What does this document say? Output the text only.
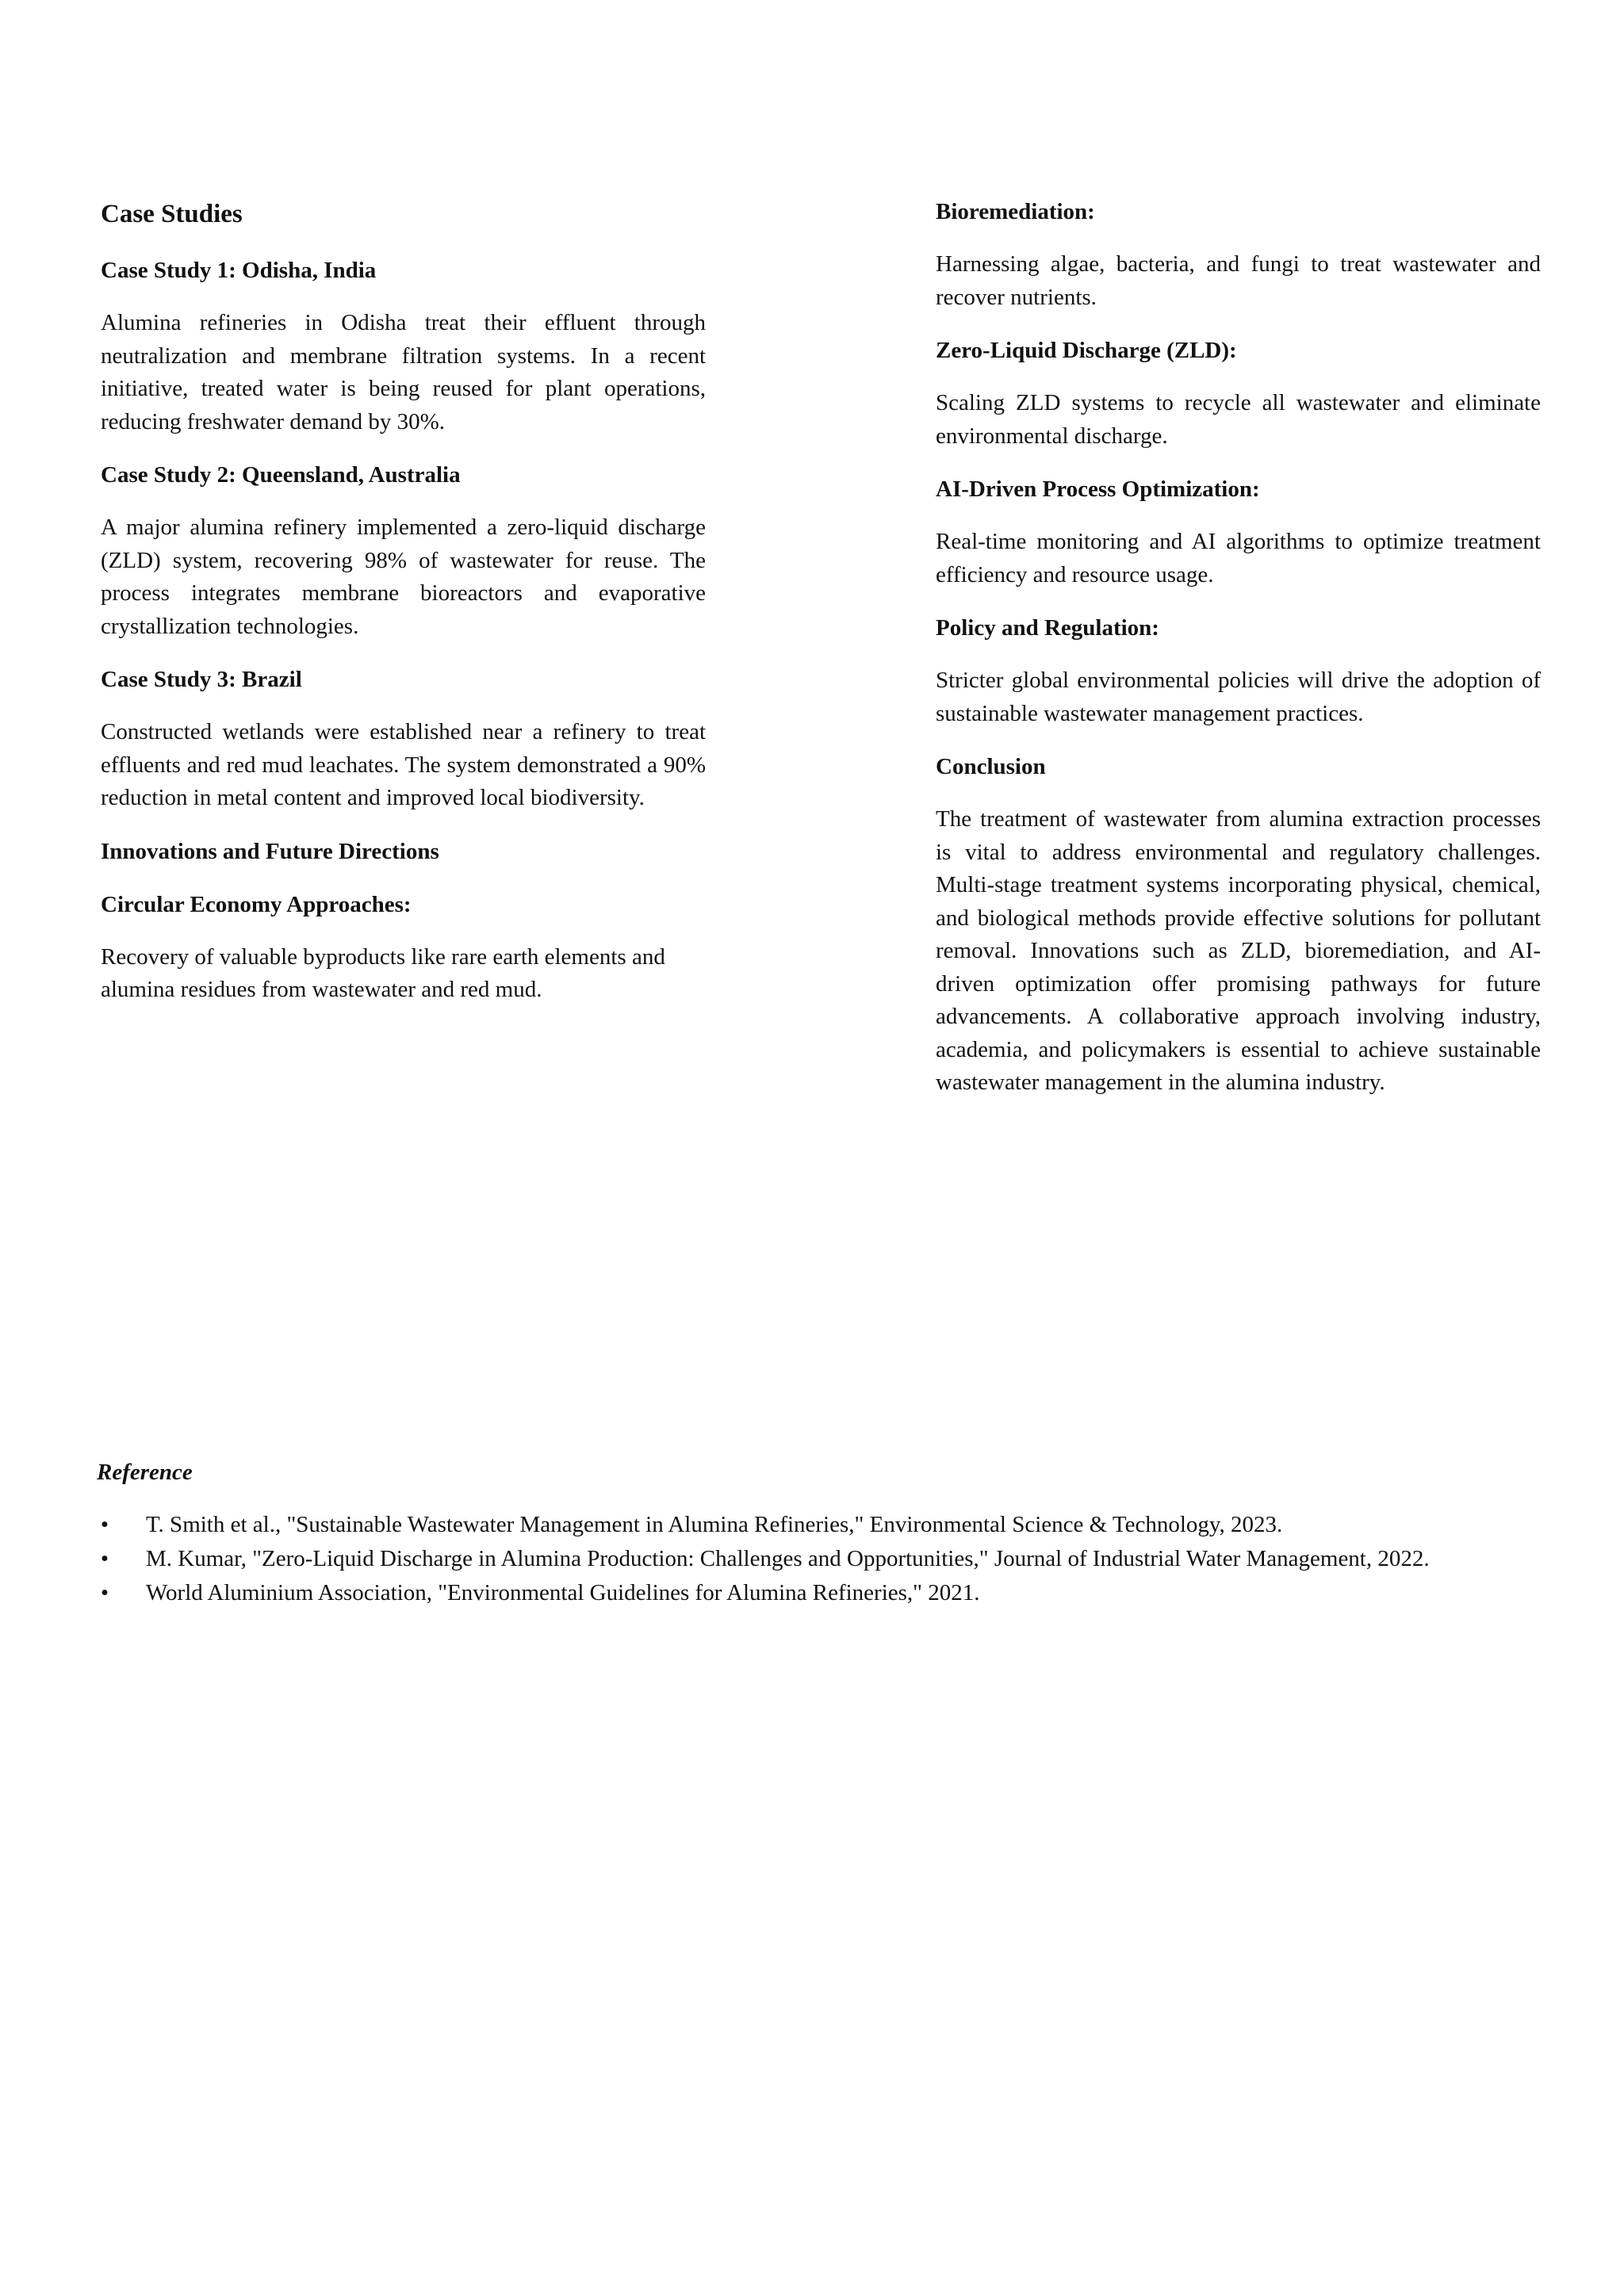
Case Studies
Case Study 1: Odisha, India
Alumina refineries in Odisha treat their effluent through neutralization and membrane filtration systems. In a recent initiative, treated water is being reused for plant operations, reducing freshwater demand by 30%.
Case Study 2: Queensland, Australia
A major alumina refinery implemented a zero-liquid discharge (ZLD) system, recovering 98% of wastewater for reuse. The process integrates membrane bioreactors and evaporative crystallization technologies.
Case Study 3: Brazil
Constructed wetlands were established near a refinery to treat effluents and red mud leachates. The system demonstrated a 90% reduction in metal content and improved local biodiversity.
Innovations and Future Directions
Circular Economy Approaches:
Recovery of valuable byproducts like rare earth elements and alumina residues from wastewater and red mud.
Bioremediation:
Harnessing algae, bacteria, and fungi to treat wastewater and recover nutrients.
Zero-Liquid Discharge (ZLD):
Scaling ZLD systems to recycle all wastewater and eliminate environmental discharge.
AI-Driven Process Optimization:
Real-time monitoring and AI algorithms to optimize treatment efficiency and resource usage.
Policy and Regulation:
Stricter global environmental policies will drive the adoption of sustainable wastewater management practices.
Conclusion
The treatment of wastewater from alumina extraction processes is vital to address environmental and regulatory challenges. Multi-stage treatment systems incorporating physical, chemical, and biological methods provide effective solutions for pollutant removal. Innovations such as ZLD, bioremediation, and AI-driven optimization offer promising pathways for future advancements. A collaborative approach involving industry, academia, and policymakers is essential to achieve sustainable wastewater management in the alumina industry.
Reference
• T. Smith et al., "Sustainable Wastewater Management in Alumina Refineries," Environmental Science & Technology, 2023.
• M. Kumar, "Zero-Liquid Discharge in Alumina Production: Challenges and Opportunities," Journal of Industrial Water Management, 2022.
• World Aluminium Association, "Environmental Guidelines for Alumina Refineries," 2021.
